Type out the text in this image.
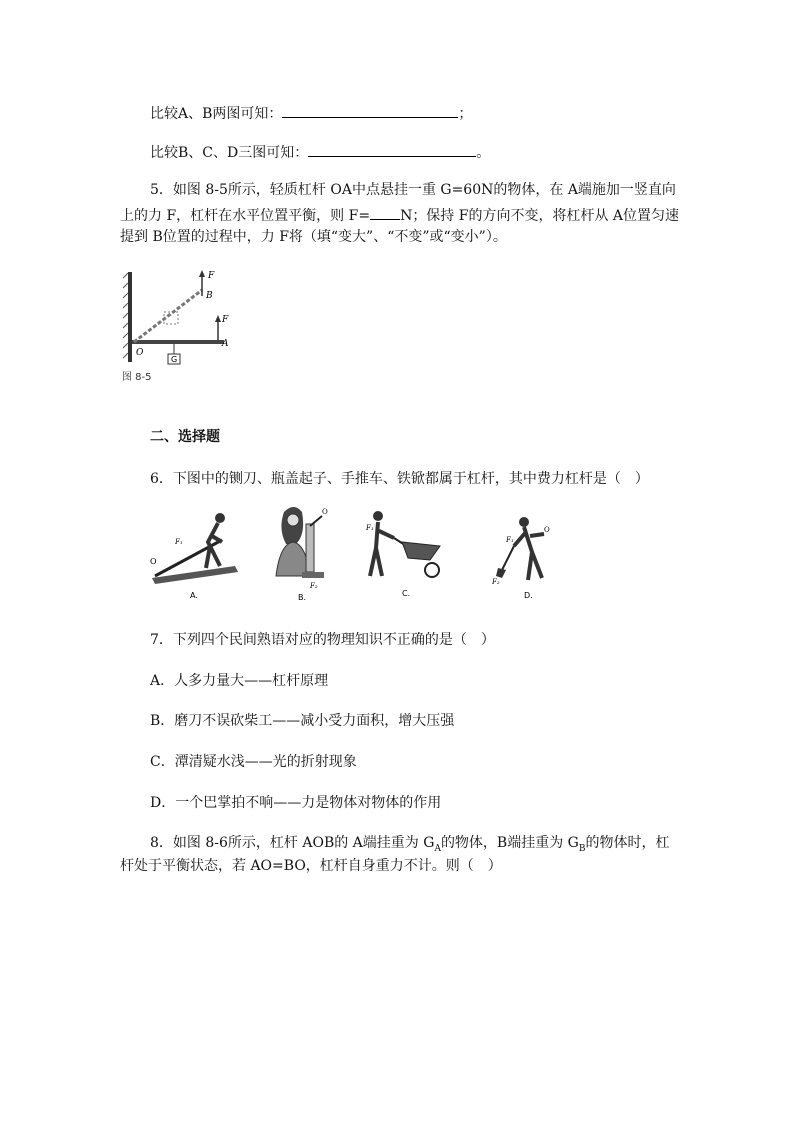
比较A、B两图可知：	；
比较B、C、D三图可知：	。
5．如图 8-5所示，轻质杠杆 OA中点悬挂一重 G=60N的物体，在 A端施加一竖直向
上的力 F，杠杆在水平位置平衡，则 F= N；保持 F的方向不变，将杠杆从 A位置匀速
提到 B位置的过程中，力 F将（填“变大”、“不变”或“变小”）。
F
B
F
A
O
G
图 8-5
二、选择题
6．下图中的铡刀、瓶盖起子、手推车、铁锨都属于杠杆，其中费力杠杆是（　）
O
F₁
A.
O
F₂
B.
F₁
C.
F₁
O
F₂
D.
7．下列四个民间熟语对应的物理知识不正确的是（　）
A．人多力量大——杠杆原理
B．磨刀不误砍柴工——减小受力面积，增大压强
C．潭清疑水浅——光的折射现象
D．一个巴掌拍不响——力是物体对物体的作用
8．如图 8-6所示，杠杆 AOB的 A端挂重为 $G_A$的物体，B端挂重为 $G_B$的物体时，杠
杆处于平衡状态，若 AO=BO，杠杆自身重力不计。则（　）
